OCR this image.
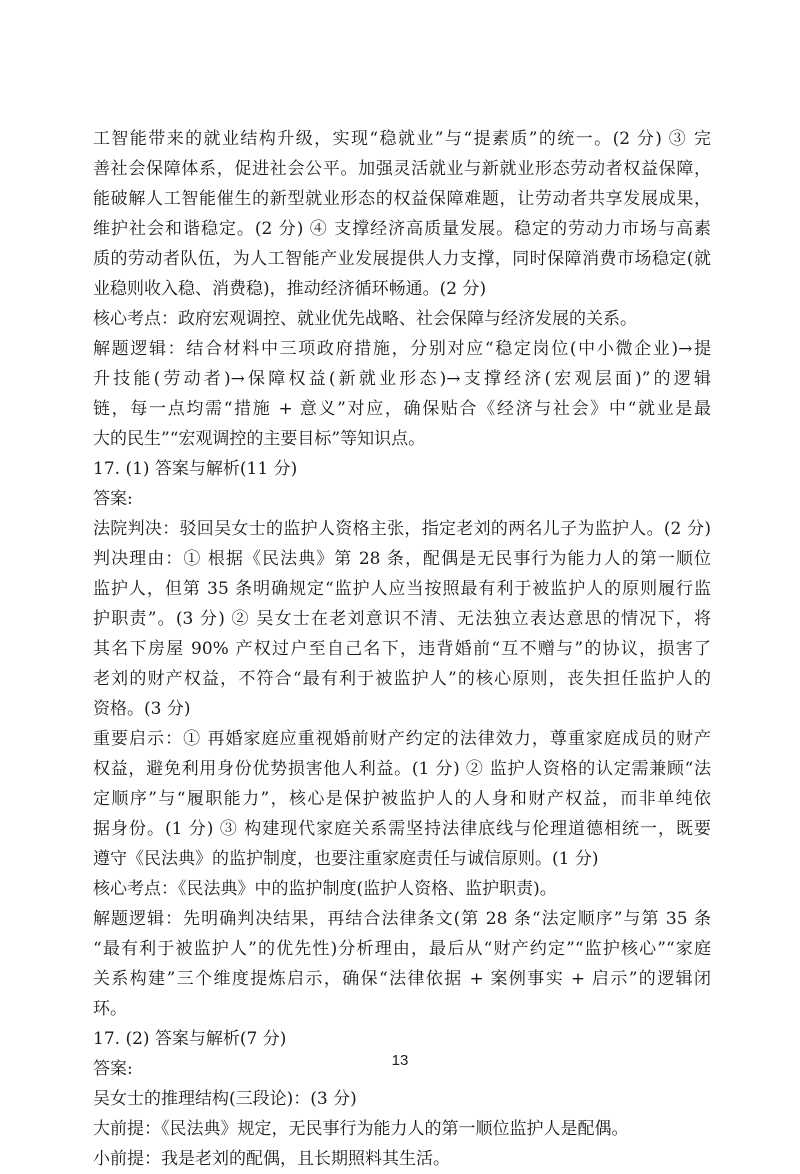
工智能带来的就业结构升级，实现“稳就业”与“提素质”的统一。(2 分) ③ 完
善社会保障体系，促进社会公平。加强灵活就业与新就业形态劳动者权益保障，
能破解人工智能催生的新型就业形态的权益保障难题，让劳动者共享发展成果，
维护社会和谐稳定。(2 分) ④ 支撑经济高质量发展。稳定的劳动力市场与高素
质的劳动者队伍，为人工智能产业发展提供人力支撑，同时保障消费市场稳定(就
业稳则收入稳、消费稳)，推动经济循环畅通。(2 分)
核心考点：政府宏观调控、就业优先战略、社会保障与经济发展的关系。
解题逻辑：结合材料中三项政府措施，分别对应“稳定岗位(中小微企业)→提
升技能(劳动者)→保障权益(新就业形态)→支撑经济(宏观层面)”的逻辑
链，每一点均需“措施 + 意义”对应，确保贴合《经济与社会》中“就业是最
大的民生”“宏观调控的主要目标”等知识点。
17. (1) 答案与解析(11 分)
答案:
法院判决：驳回吴女士的监护人资格主张，指定老刘的两名儿子为监护人。(2 分)
判决理由：① 根据《民法典》第 28 条，配偶是无民事行为能力人的第一顺位
监护人，但第 35 条明确规定“监护人应当按照最有利于被监护人的原则履行监
护职责”。(3 分) ② 吴女士在老刘意识不清、无法独立表达意思的情况下，将
其名下房屋 90% 产权过户至自己名下，违背婚前“互不赠与”的协议，损害了
老刘的财产权益，不符合“最有利于被监护人”的核心原则，丧失担任监护人的
资格。(3 分)
重要启示：① 再婚家庭应重视婚前财产约定的法律效力，尊重家庭成员的财产
权益，避免利用身份优势损害他人利益。(1 分) ② 监护人资格的认定需兼顾“法
定顺序”与“履职能力”，核心是保护被监护人的人身和财产权益，而非单纯依
据身份。(1 分) ③ 构建现代家庭关系需坚持法律底线与伦理道德相统一，既要
遵守《民法典》的监护制度，也要注重家庭责任与诚信原则。(1 分)
核心考点：《民法典》中的监护制度(监护人资格、监护职责)。
解题逻辑：先明确判决结果，再结合法律条文(第 28 条“法定顺序”与第 35 条
“最有利于被监护人”的优先性)分析理由，最后从“财产约定”“监护核心”“家庭
关系构建”三个维度提炼启示，确保“法律依据 + 案例事实 + 启示”的逻辑闭
环。
17. (2) 答案与解析(7 分)
答案:
吴女士的推理结构(三段论)：(3 分)
大前提：《民法典》规定，无民事行为能力人的第一顺位监护人是配偶。
小前提：我是老刘的配偶，且长期照料其生活。
13
